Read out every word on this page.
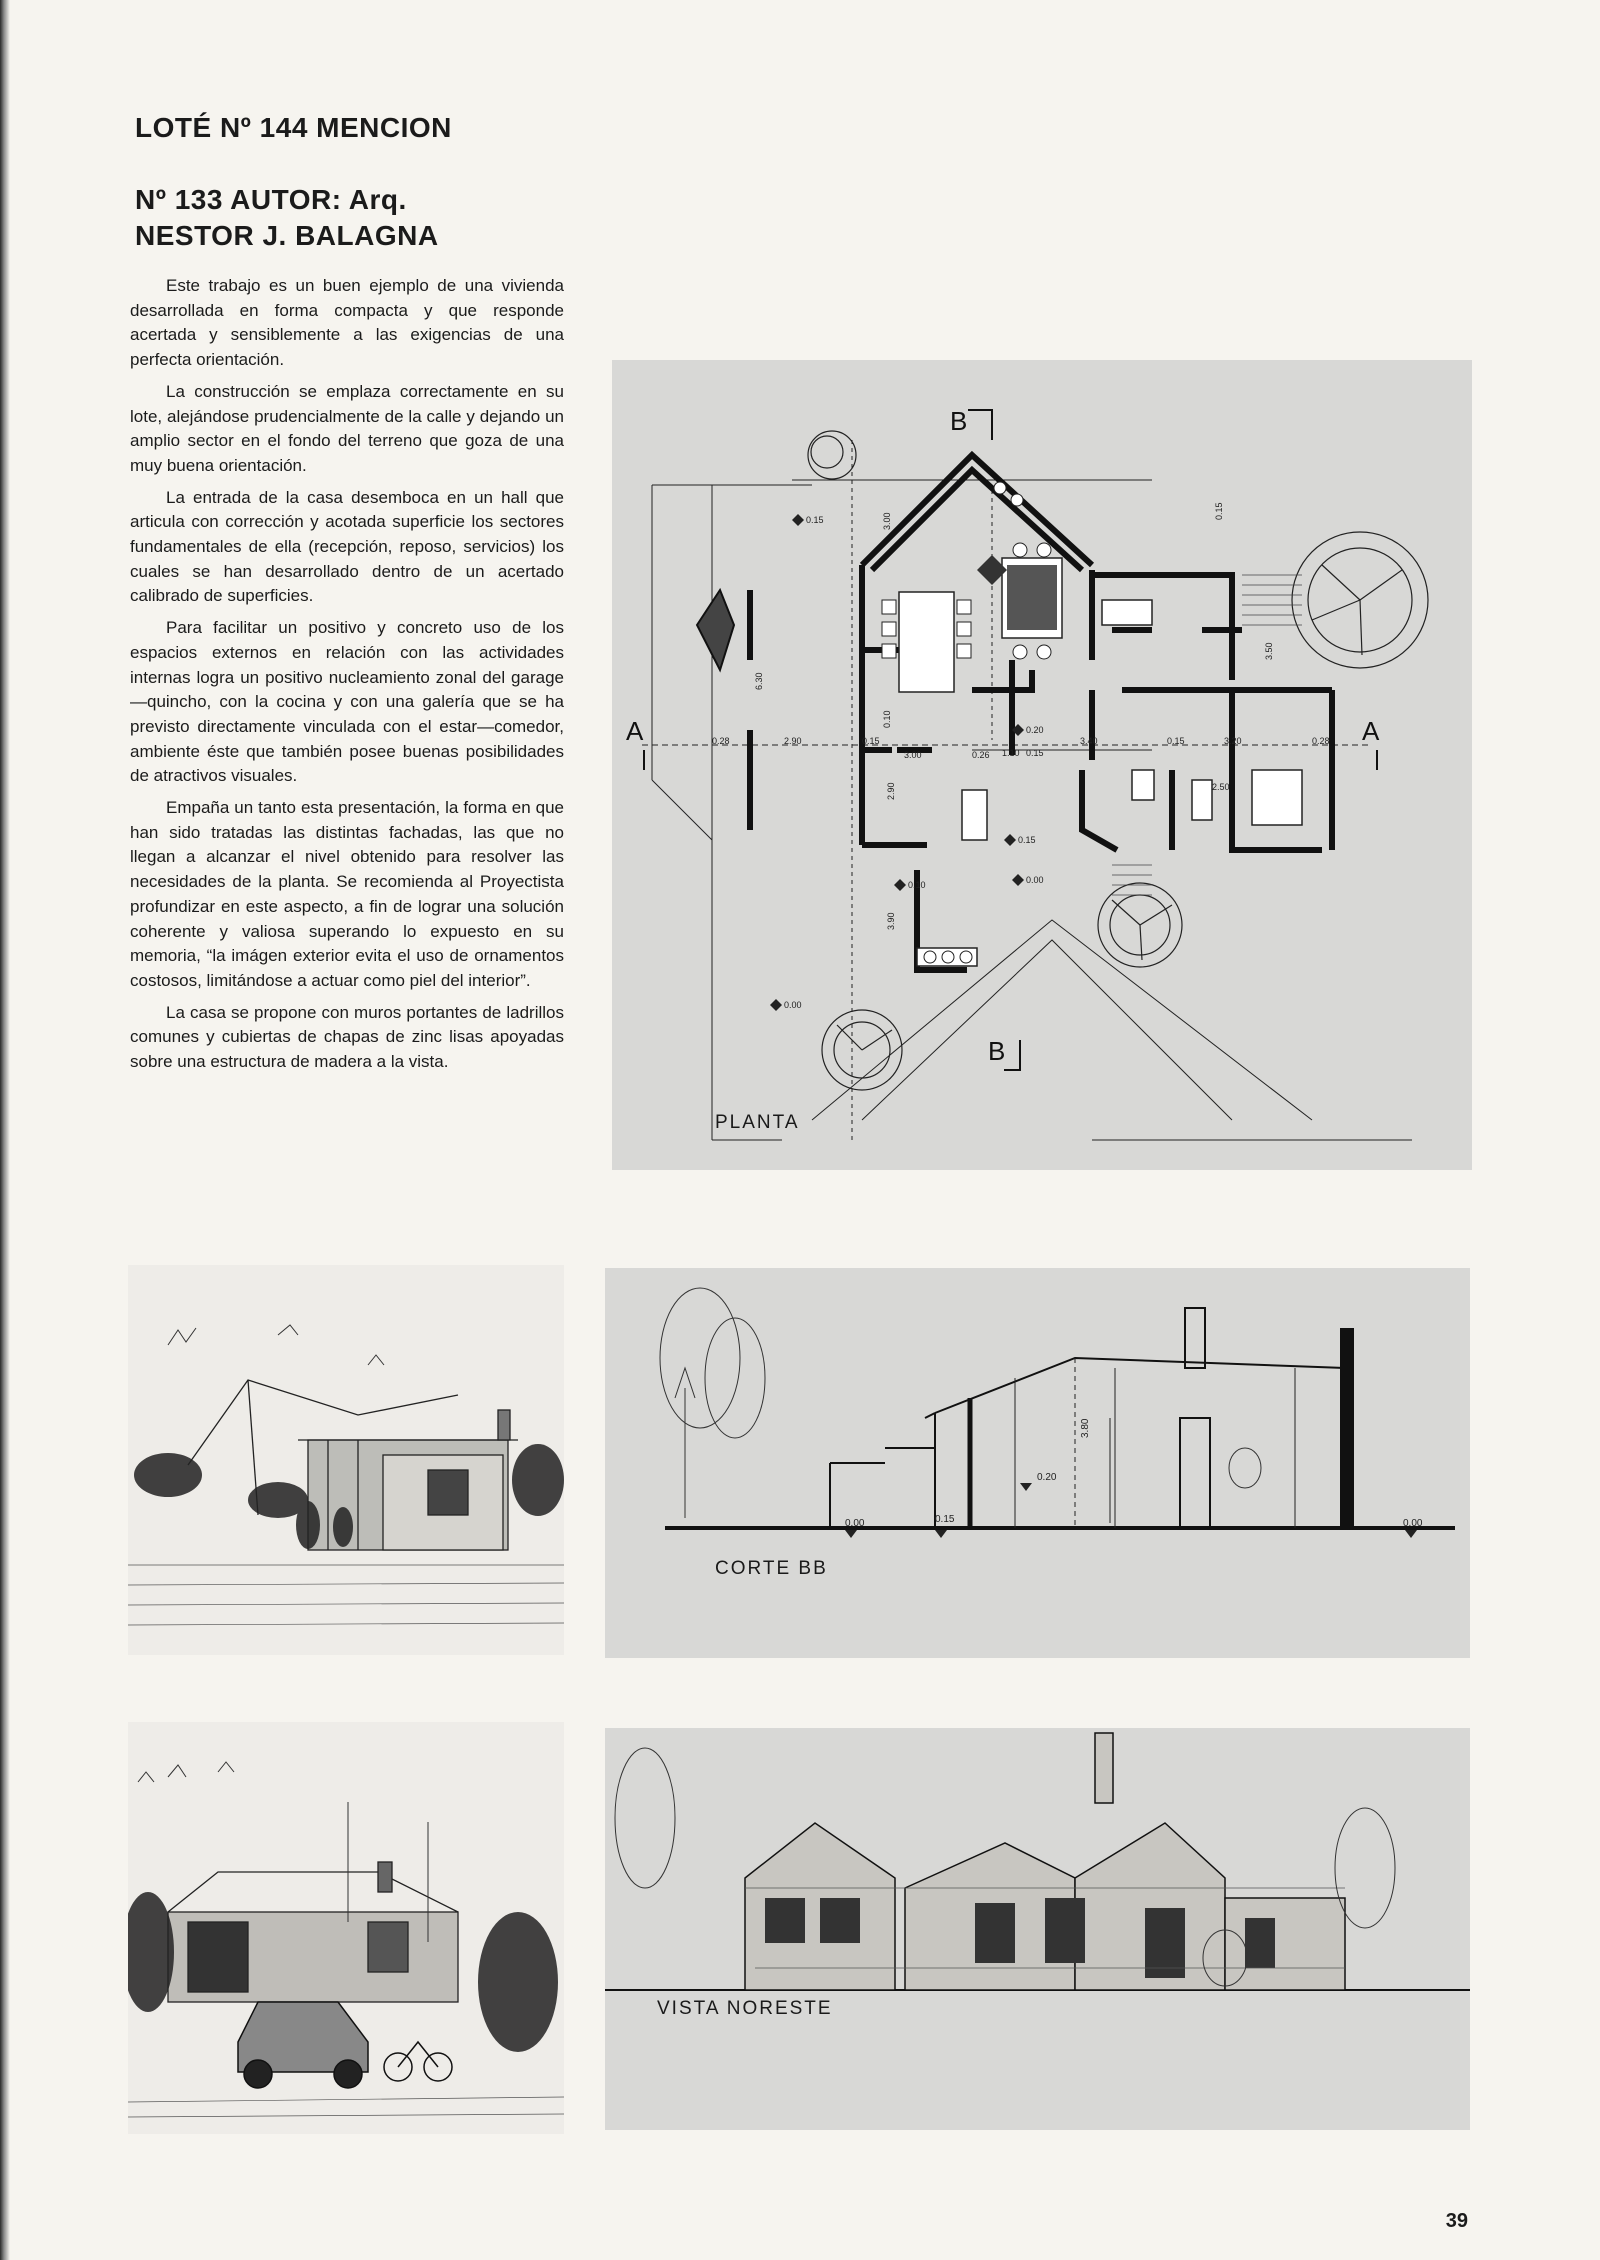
LOTÉ Nº 144 MENCION
Nº 133 AUTOR: Arq.
NESTOR J. BALAGNA

Este trabajo es un buen ejemplo de una vivienda desarrollada en forma compacta y que responde acertada y sensiblemente a las exigencias de una perfecta orientación.

La construcción se emplaza correctamente en su lote, alejándose prudencialmente de la calle y dejando un amplio sector en el fondo del terreno que goza de una muy buena orientación.

La entrada de la casa desemboca en un hall que articula con corrección y acotada superficie los sectores fundamentales de ella (recepción, reposo, servicios) los cuales se han desarrollado dentro de un acertado calibrado de superficies.

Para facilitar un positivo y concreto uso de los espacios externos en relación con las actividades internas logra un positivo nucleamiento zonal del garage—quincho, con la cocina y con una galería que se ha previsto directamente vinculada con el estar—comedor, ambiente éste que también posee buenas posibilidades de atractivos visuales.

Empaña un tanto esta presentación, la forma en que han sido tratadas las distintas fachadas, las que no llegan a alcanzar el nivel obtenido para resolver las necesidades de la planta. Se recomienda al Proyectista profundizar en este aspecto, a fin de lograr una solución coherente y valiosa superando lo expuesto en su memoria, “la imágen exterior evita el uso de ornamentos costosos, limitándose a actuar como piel del interior”.

La casa se propone con muros portantes de ladrillos comunes y cubiertas de chapas de zinc lisas apoyadas sobre una estructura de madera a la vista.

A	A
B
B
0.28	2.90	0.15
3.00	0.26 1.10 0.15
3.40	0.15	3.20	0.28
6.30
3.90
3.50
2.90	2.50
0.10
3.00
0.15
0.15
0.20
0.15
0.00
0.10
0.00
PLANTA
0.00	0.15
0.20
0.00
3.80
CORTE BB
VISTA NORESTE
39
